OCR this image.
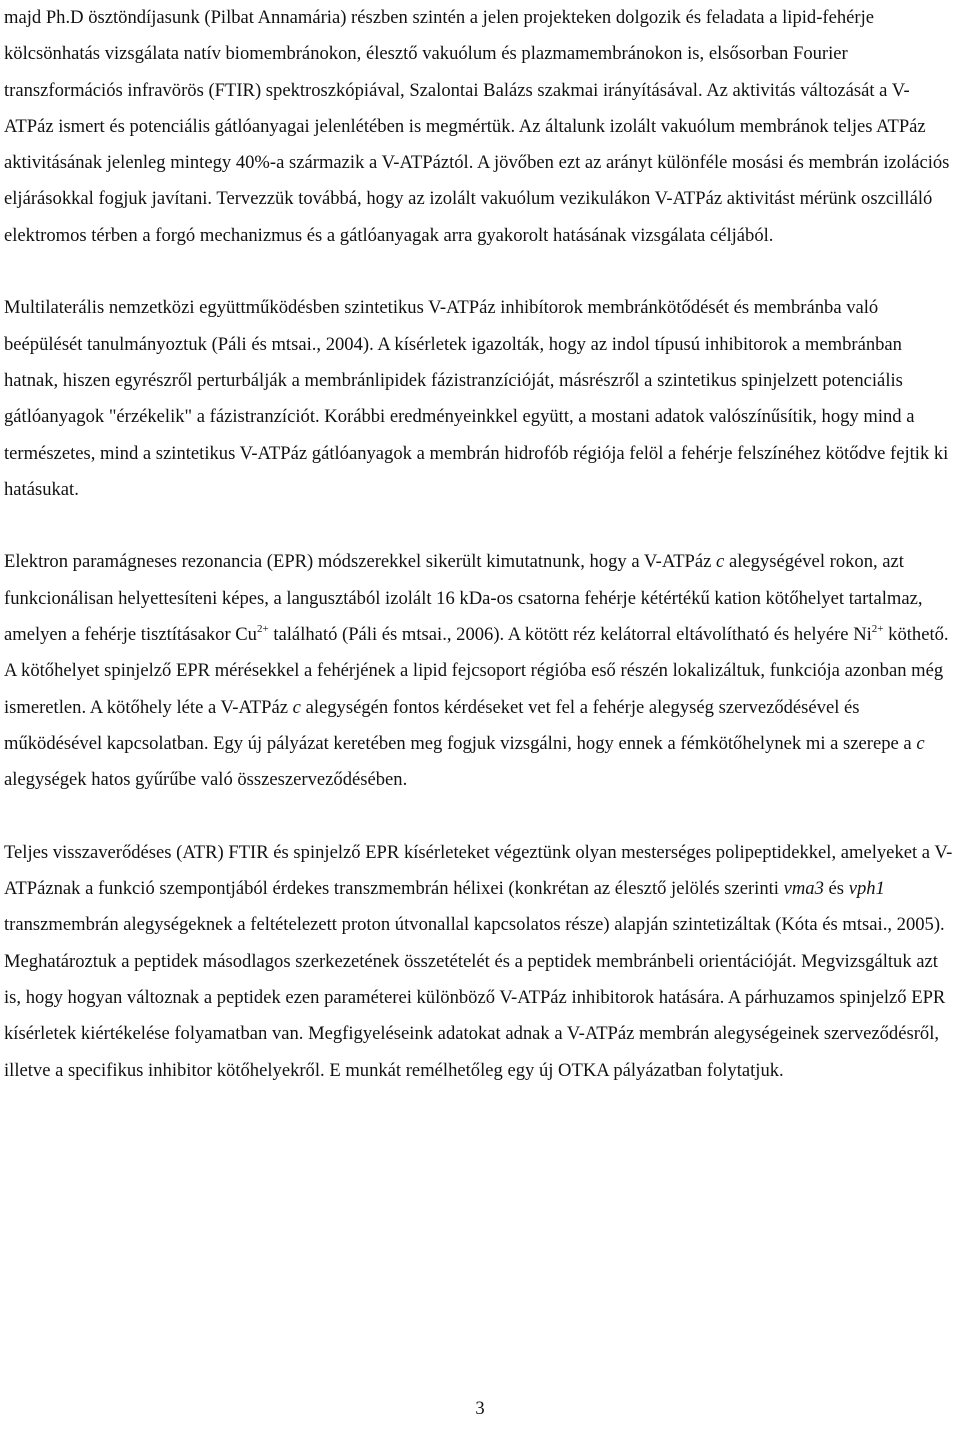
majd Ph.D ösztöndíjasunk (Pilbat Annamária) részben szintén a jelen projekteken dolgozik és feladata a lipid-fehérje kölcsönhatás vizsgálata natív biomembránokon, élesztő vakuólum és plazmamembránokon is, elsősorban Fourier transzformációs infravörös (FTIR) spektroszkópiával, Szalontai Balázs szakmai irányításával. Az aktivitás változását a V-ATPáz ismert és potenciális gátlóanyagai jelenlétében is megmértük. Az általunk izolált vakuólum membránok teljes ATPáz aktivitásának jelenleg mintegy 40%-a származik a V-ATPáztól. A jövőben ezt az arányt különféle mosási és membrán izolációs eljárásokkal fogjuk javítani. Tervezzük továbbá, hogy az izolált vakuólum vezikulákon V-ATPáz aktivitást mérünk oszcilláló elektromos térben a forgó mechanizmus és a gátlóanyagak arra gyakorolt hatásának vizsgálata céljából.

Multilaterális nemzetközi együttműködésben szintetikus V-ATPáz inhibítorok membránkötődését és membránba való beépülését tanulmányoztuk (Páli és mtsai., 2004). A kísérletek igazolták, hogy az indol típusú inhibitorok a membránban hatnak, hiszen egyrészről perturbálják a membránlipidek fázistranzícióját, másrészről a szintetikus spinjelzett potenciális gátlóanyagok "érzékelik" a fázistranzíciót. Korábbi eredményeinkkel együtt, a mostani adatok valószínűsítik, hogy mind a természetes, mind a szintetikus V-ATPáz gátlóanyagok a membrán hidrofób régiója felöl a fehérje felszínéhez kötődve fejtik ki hatásukat.

Elektron paramágneses rezonancia (EPR) módszerekkel sikerült kimutatnunk, hogy a V-ATPáz c alegységével rokon, azt funkcionálisan helyettesíteni képes, a langusztából izolált 16 kDa-os csatorna fehérje kétértékű kation kötőhelyet tartalmaz, amelyen a fehérje tisztításakor $Cu^{2+}$ található (Páli és mtsai., 2006). A kötött réz kelátorral eltávolítható és helyére $Ni^{2+}$ köthető. A kötőhelyet spinjelző EPR mérésekkel a fehérjének a lipid fejcsoport régióba eső részén lokalizáltuk, funkciója azonban még ismeretlen. A kötőhely léte a V-ATPáz c alegységén fontos kérdéseket vet fel a fehérje alegység szerveződésével és működésével kapcsolatban. Egy új pályázat keretében meg fogjuk vizsgálni, hogy ennek a fémkötőhelynek mi a szerepe a c alegységek hatos gyűrűbe való összeszerveződésében.

Teljes visszaverődéses (ATR) FTIR és spinjelző EPR kísérleteket végeztünk olyan mesterséges polipeptidekkel, amelyeket a V-ATPáznak a funkció szempontjából érdekes transzmembrán hélixei (konkrétan az élesztő jelölés szerinti vma3 és vph1 transzmembrán alegységeknek a feltételezett proton útvonallal kapcsolatos része) alapján szintetizáltak (Kóta és mtsai., 2005). Meghatároztuk a peptidek másodlagos szerkezetének összetételét és a peptidek membránbeli orientációját. Megvizsgáltuk azt is, hogy hogyan változnak a peptidek ezen paraméterei különböző V-ATPáz inhibitorok hatására. A párhuzamos spinjelző EPR kísérletek kiértékelése folyamatban van. Megfigyeléseink adatokat adnak a V-ATPáz membrán alegységeinek szerveződésről, illetve a specifikus inhibitor kötőhelyekről. E munkát remélhetőleg egy új OTKA pályázatban folytatjuk.

3
